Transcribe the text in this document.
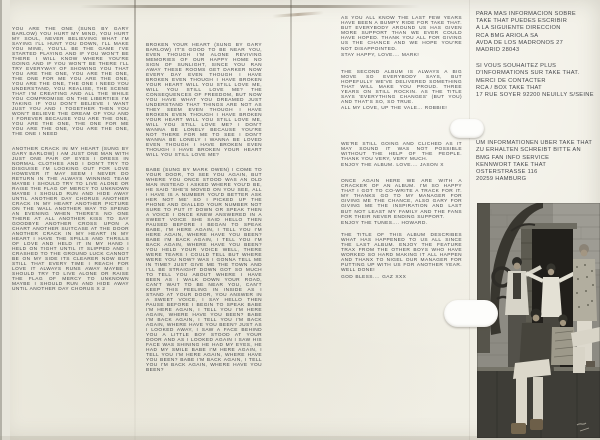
YOU ARE THE ONE (SUNG BY GARY BARLOW) YOU HURT MY MIND, YOU HURT MY SOUL, NEVER BELIEVING WHAT I'M SAYING I'LL HUNT YOU DOWN, I'LL MAKE YOU MINE, YOU'LL BE THE GAME I'VE STARTED PLAYING AND IF YOU WON'T BE THERE I WILL KNOW WHERE YOU'RE GOING AND IF YOU WON'T BE THERE I'LL TRY EVERYWAY OF SHOWING YOU THAT YOU ARE THE ONE, YOU ARE THE ONE, THE ONE FOR ME YOU ARE THE ONE, YOU ARE THE ONE, THE ONE I NEED YOU UNDERSTAND, YOU REALISE, THE SCENE THAT I'M CREATING AND ALL THE WHILE YOU COMPROMISE ON THE LIBERTIES I'M TAKING IF YOU DON'T BELIEVE I WANT JUST YOU AND I TOGETHER THEN YOU WON'T BELIEVE THE DREAM OF YOU AND I FOREVER BECAUSE YOU ARE THE ONE, YOU ARE THE ONE, THE ONE FOR ME YOU ARE THE ONE, YOU ARE THE ONE, THE ONE I NEED

ANOTHER CRACK IN MY HEART (SUNG BY GARY BARLOW) I AM JUST ONE MAN WITH JUST ONE PAIR OF EYES I DRESS IN NORMAL CLOTHES AND I DON'T TRY TO DISGUISE I'M LOOKING OUT FOR LOVE HOWEVER IT MAY SEEM I NEVER DO RETURN IN THE ALWAYS WINNING TEAM MAYBE I SHOULD TRY TO LIVE ALONE OR RAISE THE FLAG OF MERCY TO UNKNOWN MAYBE I SHOULD RUN AND HIDE AWAY UNTIL ANOTHER DAY CHORUS ANOTHER CRACK IN MY HEART ANOTHER PICTURE ON THE WALL ANOTHER WAY TO SPEND AN EVENING WHEN THERE'S NO ONE THERE AT ALL ANOTHER KISS TO SAY GOODBYE ANOTHER CROSS UPON A CHART ANOTHER SUITCASE AT THE DOOR ANOTHER CRACK IN MY HEART IN MY HEART I HAVE THE SPILLS AND THRILLS OF LOVE AND HELD IT IN MY HAND I HELD ON TIGHT UNTIL IT SLIPPED AND I CRASHED TO THE GROUND LUCK CANNOT BE ON MY SIDE ITS CLEARER NOW BUT STILL THAT EVERY TIME I REACH FOR LOVE IT ALWAYS RUNS AWAY MAYBE I SHOULD TRY TO LIVE ALONE OR RAISE THE FLAG OF MERCY TO UNKNOWN MAYBE I SHOULD RUN AND HIDE AWAY UNTIL ANOTHER DAY CHORUS X 2

BROKEN YOUR HEART (SUNG BY GARY BARLOW) IT'S GOOD TO BE NEAR YOU, EVEN THOUGH I'M ALONE REVIVING MEMORIES OF OUR HAPPY HOME NO SIGN OF SUNLIGHT, SINCE YOU RAN AWAY THESE ROOMS GET DARKER NOW EVERY DAY EVEN THOUGH I HAVE BROKEN EVEN THOUGH I HAVE BROKEN YOUR HEART WILL YOU STILL LOVE ME, WILL YOU STILL LOVE ME? THE CONSEQUENCES OF FREEDOM, BUT NOW YOU HAVE WHAT YOU DREAMED JUST UNDERSTAND THAT THINGS ARE NOT AS THEY SEEM EVEN THOUGH I HAVE BROKEN EVEN THOUGH I HAVE BROKEN YOUR HEART WILL YOU STILL LOVE ME, WILL YOU STILL LOVE ME? I DON'T WANNA BE LONELY BECAUSE YOU'RE NOT THERE FOR ME TO SEE I DON'T WANNA BE LONELY I WANNA BE LOVED EVEN THOUGH I HAVE BROKEN EVEN THOUGH I HAVE BROKEN YOUR HEART WILL YOU STILL LOVE ME?

BABE (SUNG BY MARK OWEN) I COME TO YOUR DOOR, TO SEE YOU AGAIN, BUT WHERE YOU ONCE STOOD WAS AN OLD MAN INSTEAD I ASKED WHERE YOU'D BE, HE SAID 'SHE'S MOVED ON YOU SEE, ALL I HAVE IS A NUMBER YOU'D BETTER ASK HER NOT ME' SO I PICKED UP THE PHONE AND DIALLED YOUR NUMBER NOT SURE TO PUT IT DOWN OR SPEAK THEN A VOICE I ONCE KNEW ANSWERED IN A SWEET VOICE SHE SAID HELLO THEN PAUSED BEFORE I BEGAN TO SPEAK BABE, I'M HERE AGAIN, I TELL YOU I'M HERE AGAIN, WHERE HAVE YOU BEEN? BABE I'M BACK AGAIN, I TELL YOU I'M BACK AGAIN, WHERE HAVE YOU BEEN? YOU HELD YOUR VOICE WELL, THERE WERE TEARS I COULD TELL BUT WHERE WERE YOU NOW? WAS I GONNA TELL ME IN TIME? JUST GIVE ME THE TOWN AND I'LL BE STRAIGHT DOWN GOT SO MUCH TO TELL YOU ABOUT WHERE I HAVE BEEN AS I WALK DOWN YOUR ROAD, CAN'T WAIT TO BE NEAR YOU, CAN'T KEEP THIS FEELING IN INSIDE AS I STAND AT YOUR DOOR, YOU ANSWER IN A SWEET VOICE, I SAY HELLO THEN PAUSE BEFORE I BEGIN TO SPEAK BABE I'M HERE AGAIN, I TELL YOU I'M HERE AGAIN, WHERE HAVE YOU BEEN? BABE I'M BACK AGAIN, I TELL YOU I'M BACK AGAIN, WHERE HAVE YOU BEEN? JUST AS I LOOKED AWAY, I SAW A FACE BEHIND YOU A LITTLE BOY STOOD AT YOUR DOOR AND AS I LOOKED AGAIN I SAW HIS FACE WAS SHINING HE HAD MY EYES, HE HAD MY SMILE BABE I'M HERE AGAIN, I TELL YOU I'M HERE AGAIN, WHERE HAVE YOU BEEN? BABE I'M BACK AGAIN, I TELL YOU I'M BACK AGAIN, WHERE HAVE YOU BEEN?

AS YOU ALL KNOW THE LAST FEW YEARS HAVE BEEN A BUMPY RIDE FOR TAKE THAT. BUT EVERYBODY AROUND US HAS GIVEN MORE SUPPORT THAN WE EVER COULD HAVE HOPED. THANK YOU ALL FOR GIVING US THE CHANCE AND WE HOPE YOU'RE NOT DISAPPOINTED.
STAY HAPPY, LOVE.... MARK!
THE SECOND ALBUM IS ALWAYS A BIG MOVE SO EVERYBODY SAYS, BUT HOPEFULLY WE'VE DELIVERED SOMETHING THAT WILL MAKE YOU PROUD. THREE YEARS ON STILL ROCKIN. AS THE TITLE SAYS 'EVERYTHING CHANGES' (BUT YOU) AND THAT'S SO, SO TRUE.
ALL MY LOVE, UP THE VALE... ROBBIE!
WE'RE STILL GOING AND CLICHED AS IT MAY SOUND IT WAS NOT POSSIBLE WITHOUT THE HELP OF THE PEOPLE. THANK YOU VERY, VERY MUCH.
ENJOY THE ALBUM. LOVE.... JASON X
ONCE AGAIN HERE WE ARE WITH A CRACKER OF AN ALBUM. I'M SO HAPPY THAT I GOT TO CO-WRITE A TRACK FOR IT. MY THANKS GO TO MY MANAGER FOR GIVING ME THE CHANCE, ALSO GARY FOR GIVING ME THE INSPIRATION AND LAST BUT NOT LEAST MY FAMILY AND THE FANS FOR THEIR NEVER ENDING SUPPORT.
ENJOY THE TUNES.... HOWARD.
THE TITLE OF THIS ALBUM DESCRIBES WHAT HAS HAPPENED TO US ALL SINCE THE LAST ALBUM. ENJOY THE FEATURE TRAX FROM THE OTHER BOYS WHO HAVE WORKED SO HARD MAKING IT ALL HAPPEN AND THANX TO NIGEL OUR MANAGER FOR PUTTING UP WITH US FOR ANOTHER YEAR. WELL DONE!
GOD BLESS.... GAZ XXX
PARA MAS INFORMACION SOBRE
TAKE THAT PUEDES ESCRIBIR
A LA SIGUIENTE DIRECCION
RCA BMG ARIOLA SA
AVDA DE LOS MADRONOS 27
MADRID 28043
SI VOUS SOUHAITEZ PLUS
D'INFORMATIONS SUR TAKE THAT.
MERCI DE CONTACTER
RCA / BOX TAKE THAT
17 RUE SOYER 92200 NEUILLY S/SEINE
UM INFORMATIONEN UBER TAKE THAT
ZU ERHALTEN SCHREIBT BITTE AN
BMG FAN INFO SERVICE
KENNWORT TAKE THAT
OSTERSTRASSE 116
20259 HAMBURG
